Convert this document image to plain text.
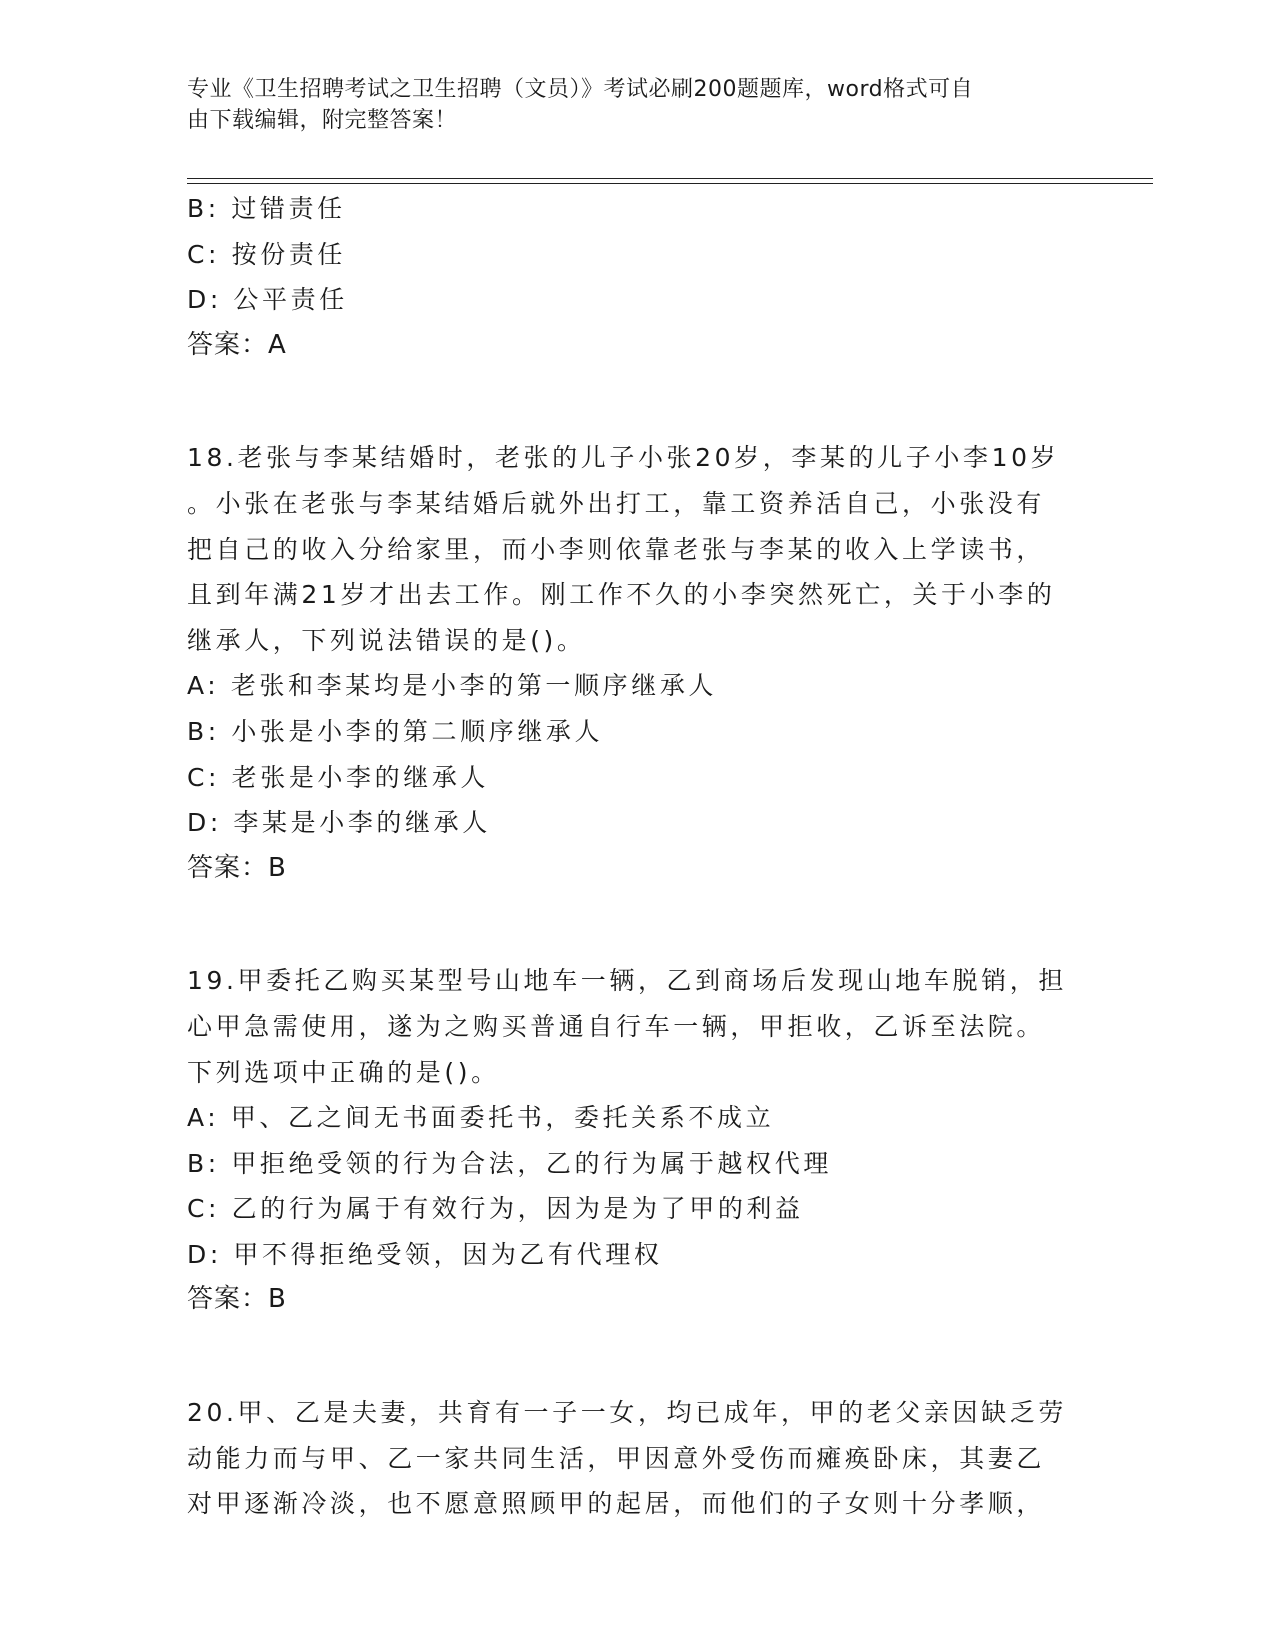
专业《卫生招聘考试之卫生招聘（文员）》考试必刷200题题库，word格式可自
由下载编辑，附完整答案！
B: 过错责任
C: 按份责任
D: 公平责任
答案：A
18.老张与李某结婚时，老张的儿子小张20岁，李某的儿子小李10岁
。小张在老张与李某结婚后就外出打工，靠工资养活自己，小张没有
把自己的收入分给家里，而小李则依靠老张与李某的收入上学读书，
且到年满21岁才出去工作。刚工作不久的小李突然死亡，关于小李的
继承人，下列说法错误的是()。
A: 老张和李某均是小李的第一顺序继承人
B: 小张是小李的第二顺序继承人
C: 老张是小李的继承人
D: 李某是小李的继承人
答案：B
19.甲委托乙购买某型号山地车一辆，乙到商场后发现山地车脱销，担
心甲急需使用，遂为之购买普通自行车一辆，甲拒收，乙诉至法院。
下列选项中正确的是()。
A: 甲、乙之间无书面委托书，委托关系不成立
B: 甲拒绝受领的行为合法，乙的行为属于越权代理
C: 乙的行为属于有效行为，因为是为了甲的利益
D: 甲不得拒绝受领，因为乙有代理权
答案：B
20.甲、乙是夫妻，共育有一子一女，均已成年，甲的老父亲因缺乏劳
动能力而与甲、乙一家共同生活，甲因意外受伤而瘫痪卧床，其妻乙
对甲逐渐冷淡，也不愿意照顾甲的起居，而他们的子女则十分孝顺，
